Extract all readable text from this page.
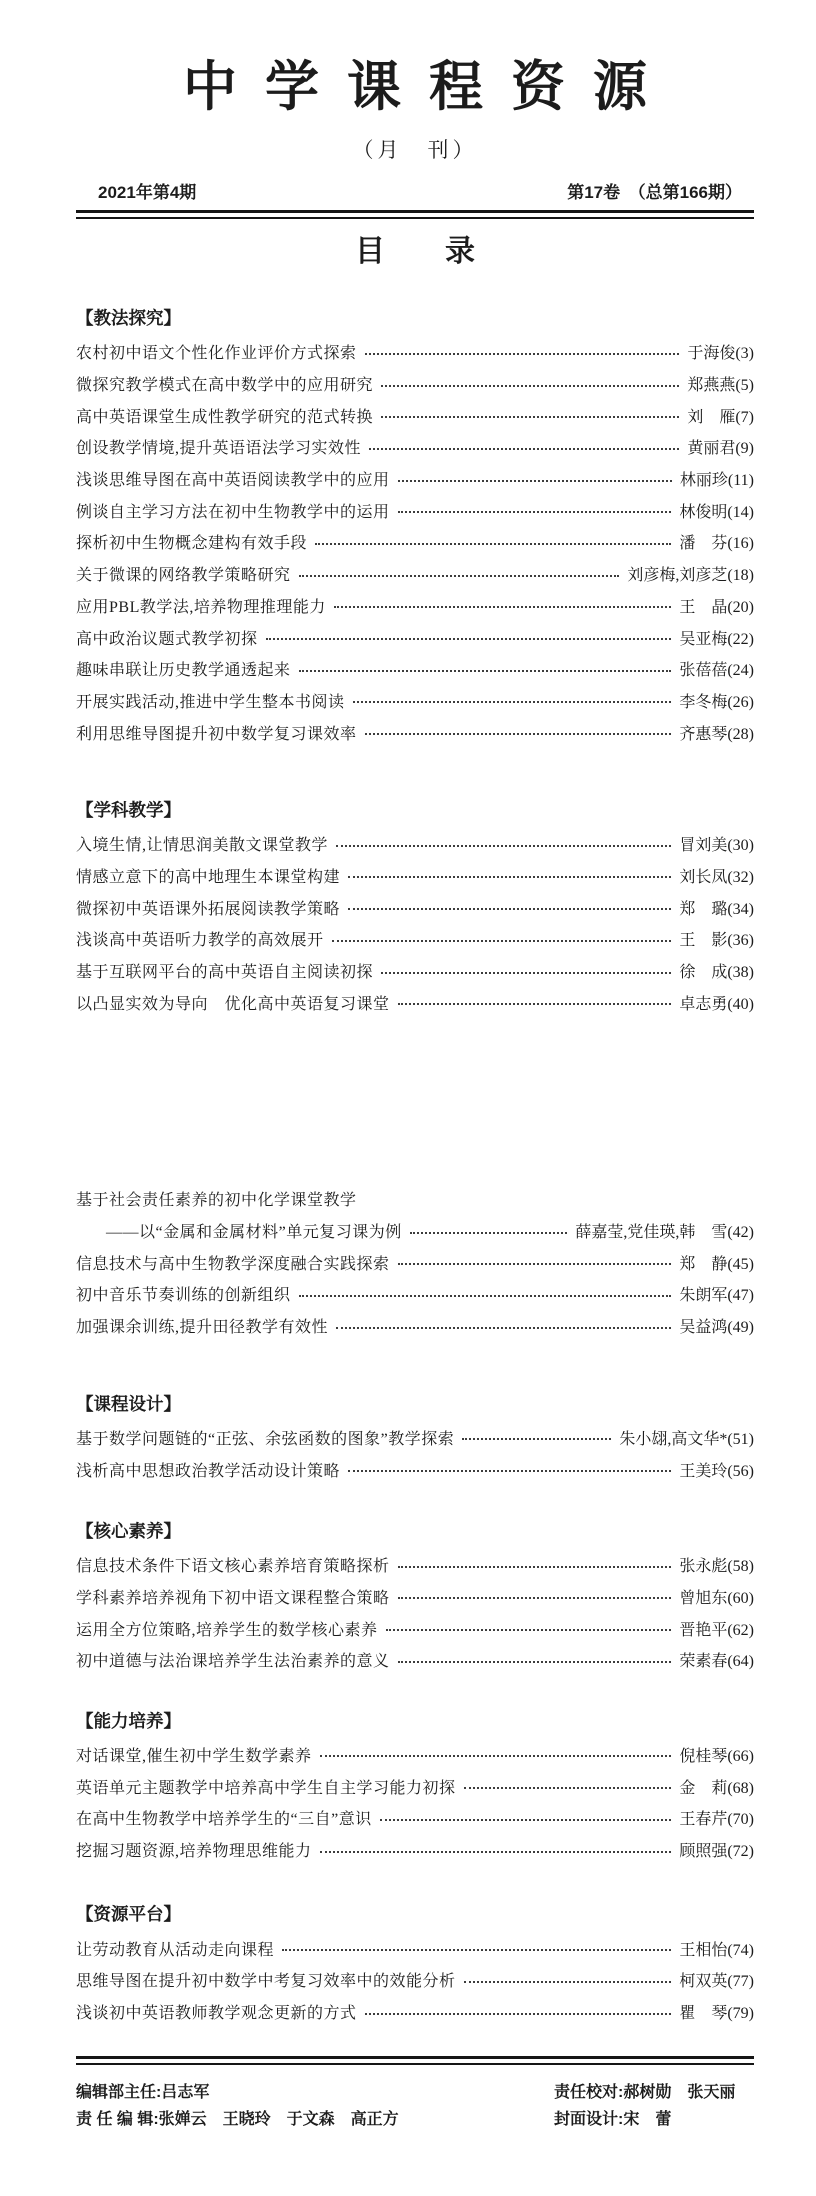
中学课程资源

（月　刊）

2021年第4期	第17卷　（总第166期）
目　　录
【教法探究】
农村初中语文个性化作业评价方式探索	于海俊(3)
微探究教学模式在高中数学中的应用研究	郑燕燕(5)
高中英语课堂生成性教学研究的范式转换	刘　雁(7)
创设教学情境,提升英语语法学习实效性	黄丽君(9)
浅谈思维导图在高中英语阅读教学中的应用	林丽珍(11)
例谈自主学习方法在初中生物教学中的运用	林俊明(14)
探析初中生物概念建构有效手段	潘　芬(16)
关于微课的网络教学策略研究	刘彦梅,刘彦芝(18)
应用PBL教学法,培养物理推理能力	王　晶(20)
高中政治议题式教学初探	吴亚梅(22)
趣味串联让历史教学通透起来	张蓓蓓(24)
开展实践活动,推进中学生整本书阅读	李冬梅(26)
利用思维导图提升初中数学复习课效率	齐惠琴(28)
【学科教学】
入境生情,让情思润美散文课堂教学	冒刘美(30)
情感立意下的高中地理生本课堂构建	刘长凤(32)
微探初中英语课外拓展阅读教学策略	郑　璐(34)
浅谈高中英语听力教学的高效展开	王　影(36)
基于互联网平台的高中英语自主阅读初探	徐　成(38)
以凸显实效为导向　优化高中英语复习课堂	卓志勇(40)
基于社会责任素养的初中化学课堂教学
——以“金属和金属材料”单元复习课为例	薛嘉莹,党佳瑛,韩　雪(42)
信息技术与高中生物教学深度融合实践探索	郑　静(45)
初中音乐节奏训练的创新组织	朱朗军(47)
加强课余训练,提升田径教学有效性	吴益鸿(49)
【课程设计】
基于数学问题链的“正弦、余弦函数的图象”教学探索	朱小翃,高文华*(51)
浅析高中思想政治教学活动设计策略	王美玲(56)
【核心素养】
信息技术条件下语文核心素养培育策略探析	张永彪(58)
学科素养培养视角下初中语文课程整合策略	曾旭东(60)
运用全方位策略,培养学生的数学核心素养	晋艳平(62)
初中道德与法治课培养学生法治素养的意义	荣素春(64)
【能力培养】
对话课堂,催生初中学生数学素养	倪桂琴(66)
英语单元主题教学中培养高中学生自主学习能力初探	金　莉(68)
在高中生物教学中培养学生的“三自”意识	王春芹(70)
挖掘习题资源,培养物理思维能力	顾照强(72)
【资源平台】
让劳动教育从活动走向课程	王相怡(74)
思维导图在提升初中数学中考复习效率中的效能分析	柯双英(77)
浅谈初中英语教师教学观念更新的方式	瞿　琴(79)
编辑部主任:吕志军
责 任 编 辑:张婵云　王晓玲　于文森　高正方
责任校对:郝树勋　张天丽
封面设计:宋　蕾
